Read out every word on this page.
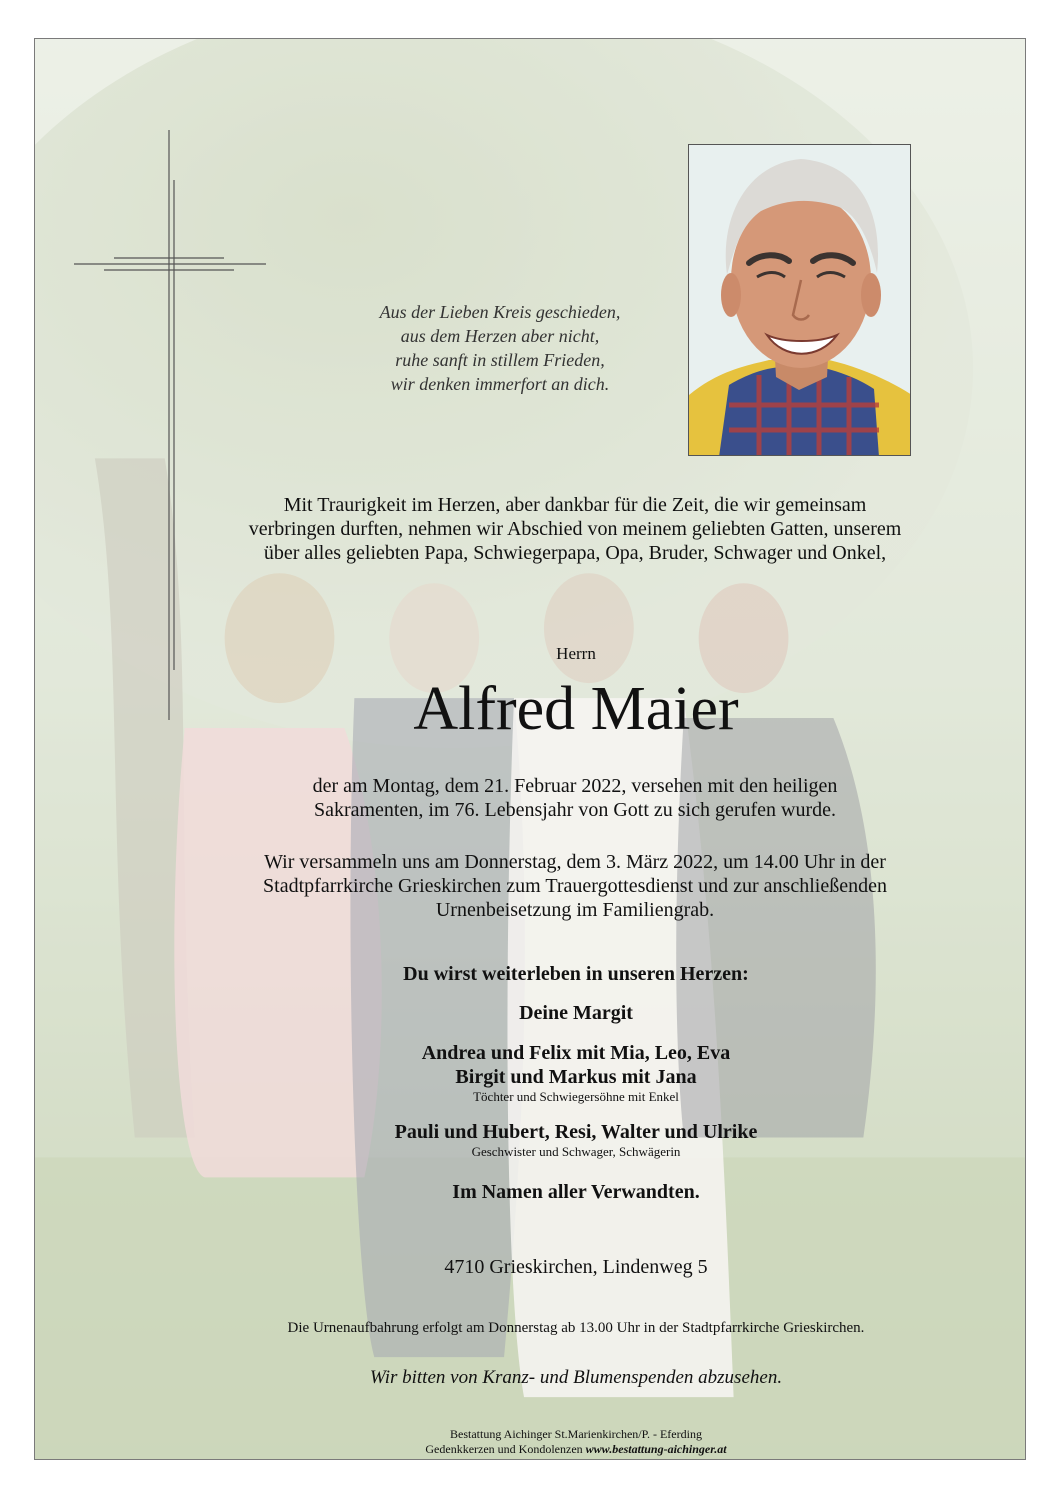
Aus der Lieben Kreis geschieden,
aus dem Herzen aber nicht,
ruhe sanft in stillem Frieden,
wir denken immerfort an dich.
Mit Traurigkeit im Herzen, aber dankbar für die Zeit, die wir gemeinsam
verbringen durften, nehmen wir Abschied von meinem geliebten Gatten, unserem
über alles geliebten Papa, Schwiegerpapa, Opa, Bruder, Schwager und Onkel,
Herrn
Alfred Maier
der am Montag, dem 21. Februar 2022, versehen mit den heiligen
Sakramenten, im 76. Lebensjahr von Gott zu sich gerufen wurde.
Wir versammeln uns am Donnerstag, dem 3. März 2022, um 14.00 Uhr in der
Stadtpfarrkirche Grieskirchen zum Trauergottesdienst und zur anschließenden
Urnenbeisetzung im Familiengrab.
Du wirst weiterleben in unseren Herzen:
Deine Margit
Andrea und Felix mit Mia, Leo, Eva
Birgit und Markus mit Jana
Töchter und Schwiegersöhne mit Enkel
Pauli und Hubert, Resi, Walter und Ulrike
Geschwister und Schwager, Schwägerin
Im Namen aller Verwandten.
4710 Grieskirchen, Lindenweg 5
Die Urnenaufbahrung erfolgt am Donnerstag ab 13.00 Uhr in der Stadtpfarrkirche Grieskirchen.
Wir bitten von Kranz- und Blumenspenden abzusehen.
Bestattung Aichinger St.Marienkirchen/P. - Eferding
Gedenkkerzen und Kondolenzen www.bestattung-aichinger.at
